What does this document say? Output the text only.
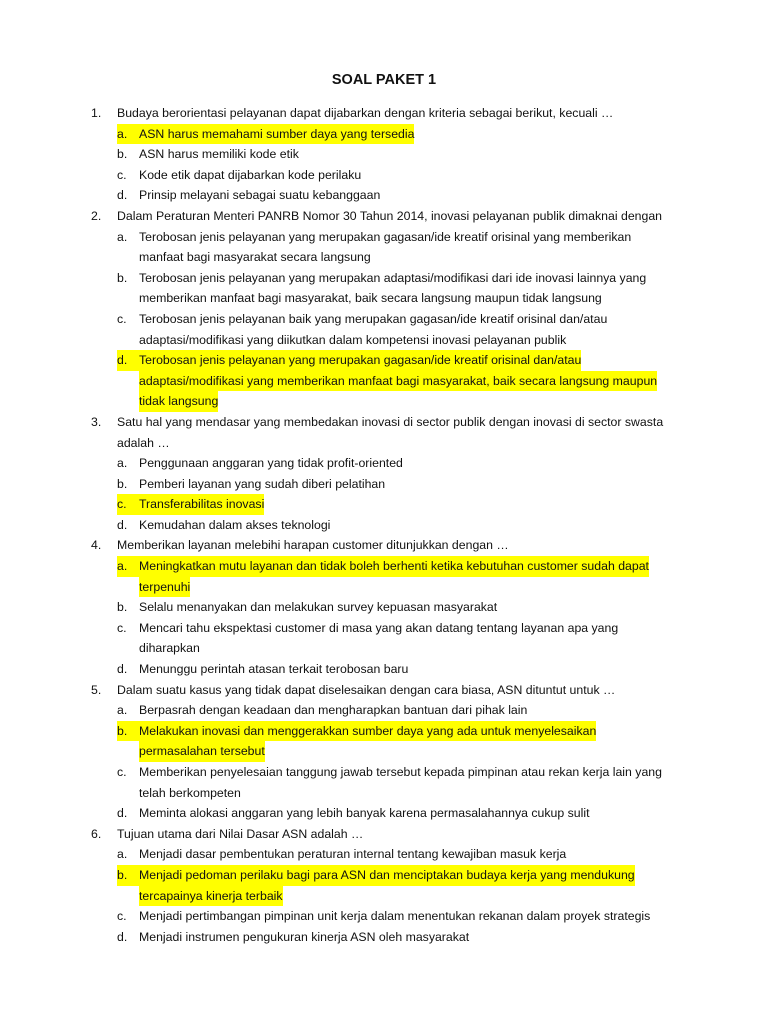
SOAL PAKET 1
1. Budaya berorientasi pelayanan dapat dijabarkan dengan kriteria sebagai berikut, kecuali …
a. ASN harus memahami sumber daya yang tersedia
b. ASN harus memiliki kode etik
c. Kode etik dapat dijabarkan kode perilaku
d. Prinsip melayani sebagai suatu kebanggaan
2. Dalam Peraturan Menteri PANRB Nomor 30 Tahun 2014, inovasi pelayanan publik dimaknai dengan
a. Terobosan jenis pelayanan yang merupakan gagasan/ide kreatif orisinal yang memberikan
manfaat bagi masyarakat secara langsung
b. Terobosan jenis pelayanan yang merupakan adaptasi/modifikasi dari ide inovasi lainnya yang
memberikan manfaat bagi masyarakat, baik secara langsung maupun tidak langsung
c. Terobosan jenis pelayanan baik yang merupakan gagasan/ide kreatif orisinal dan/atau
adaptasi/modifikasi yang diikutkan dalam kompetensi inovasi pelayanan publik
d. Terobosan jenis pelayanan yang merupakan gagasan/ide kreatif orisinal dan/atau
adaptasi/modifikasi yang memberikan manfaat bagi masyarakat, baik secara langsung maupun
tidak langsung
3. Satu hal yang mendasar yang membedakan inovasi di sector publik dengan inovasi di sector swasta
adalah …
a. Penggunaan anggaran yang tidak profit-oriented
b. Pemberi layanan yang sudah diberi pelatihan
c.	Transferabilitas inovasi
d. Kemudahan dalam akses teknologi
4. Memberikan layanan melebihi harapan customer ditunjukkan dengan …
a. Meningkatkan mutu layanan dan tidak boleh berhenti ketika kebutuhan customer sudah dapat
terpenuhi
b. Selalu menanyakan dan melakukan survey kepuasan masyarakat
c. Mencari tahu ekspektasi customer di masa yang akan datang tentang layanan apa yang
diharapkan
d. Menunggu perintah atasan terkait terobosan baru
5. Dalam suatu kasus yang tidak dapat diselesaikan dengan cara biasa, ASN dituntut untuk …
a. Berpasrah dengan keadaan dan mengharapkan bantuan dari pihak lain
b. Melakukan inovasi dan menggerakkan sumber daya yang ada untuk menyelesaikan
permasalahan tersebut
c. Memberikan penyelesaian tanggung jawab tersebut kepada pimpinan atau rekan kerja lain yang
telah berkompeten
d. Meminta alokasi anggaran yang lebih banyak karena permasalahannya cukup sulit
6. Tujuan utama dari Nilai Dasar ASN adalah …
a. Menjadi dasar pembentukan peraturan internal tentang kewajiban masuk kerja
b. Menjadi pedoman perilaku bagi para ASN dan menciptakan budaya kerja yang mendukung
tercapainya kinerja terbaik
c. Menjadi pertimbangan pimpinan unit kerja dalam menentukan rekanan dalam proyek strategis
d. Menjadi instrumen pengukuran kinerja ASN oleh masyarakat
